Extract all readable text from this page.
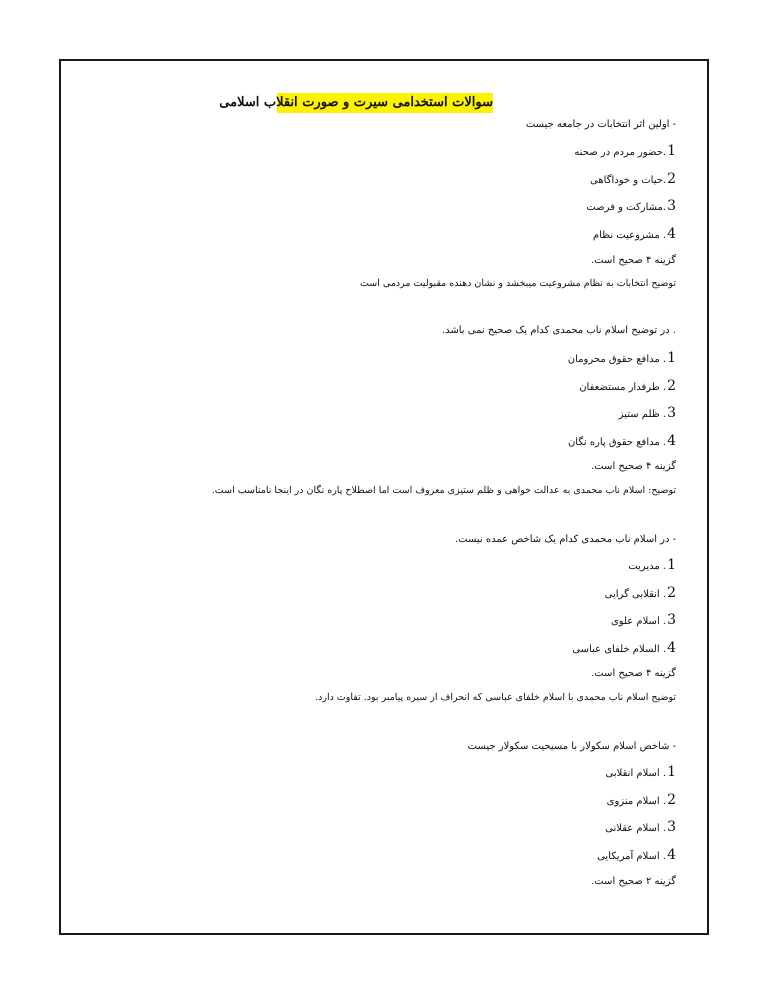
سوالات استخدامی سیرت و صورت انقلاب اسلامی
- اولین اثر انتخابات در جامعه جیست
1.حضور مردم در صحنه
2.حیات و خوداگاهی
3.مشارکت و فرصت
4. مشروعیت نظام
گزینه ۴ صحیح است.
توضیح انتخابات به نظام مشروعیت میبخشد و نشان دهنده مقبولیت مردمی است
. در توضیح اسلام ناب محمدی کدام یک صحیح نمی باشد.
1. مدافع حقوق محرومان
2. طرفدار مستضعفان
3. ظلم ستیز
4. مدافع حقوق پاره نگان
گزینه ۴ صحیح است.
توضیح: اسلام ناب محمدی به عدالت خواهی و ظلم ستیزی معروف است اما اصطلاح پاره نگان در اینجا نامناسب است.
- در اسلام ناب محمدی کدام یک شاخص عمده نیست.
1. مدیریت
2. انقلابی گرایی
3. اسلام علوی
4. السلام خلفای عباسی
گزینه ۴ صحیح است.
توضیح اسلام ناب محمدی با اسلام خلفای عباسی که انحراف از سیره پیامبر بود. تفاوت دارد.
- شاخص اسلام سکولار با مسیحیت سکولار جیست
1. اسلام انقلابی
2. اسلام منزوی
3. اسلام عقلانی
4. اسلام آمریکایی
گزینه ۲ صحیح است.
